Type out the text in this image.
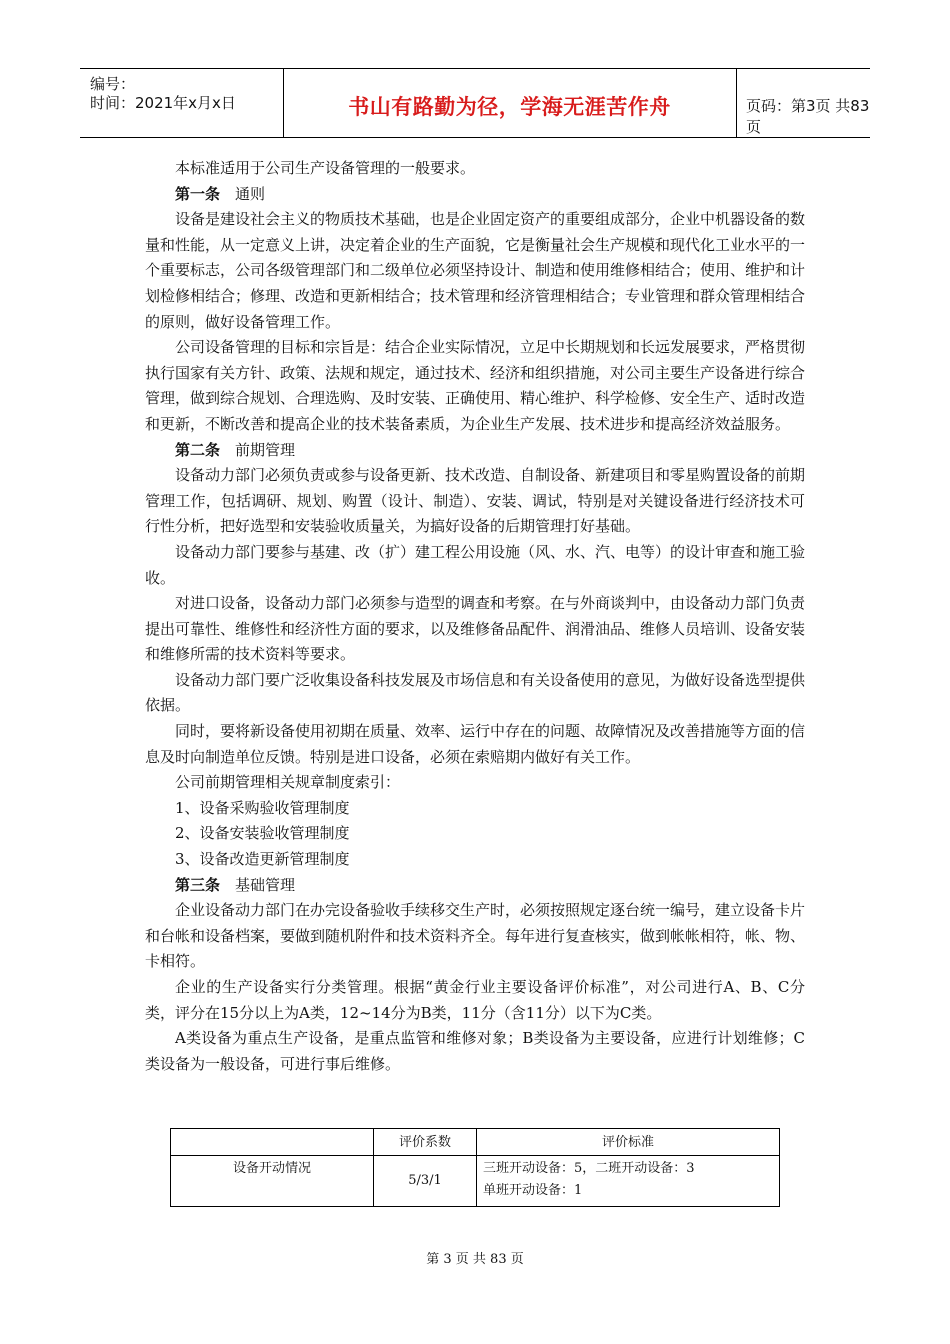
编号：
时间：2021年x月x日	书山有路勤为径，学海无涯苦作舟	页码：第3页 共83页

本标准适用于公司生产设备管理的一般要求。

第一条 通则

设备是建设社会主义的物质技术基础，也是企业固定资产的重要组成部分，企业中机器设备的数量和性能，从一定意义上讲，决定着企业的生产面貌，它是衡量社会生产规模和现代化工业水平的一个重要标志，公司各级管理部门和二级单位必须坚持设计、制造和使用维修相结合；使用、维护和计划检修相结合；修理、改造和更新相结合；技术管理和经济管理相结合；专业管理和群众管理相结合的原则，做好设备管理工作。

公司设备管理的目标和宗旨是：结合企业实际情况，立足中长期规划和长远发展要求，严格贯彻执行国家有关方针、政策、法规和规定，通过技术、经济和组织措施，对公司主要生产设备进行综合管理，做到综合规划、合理选购、及时安装、正确使用、精心维护、科学检修、安全生产、适时改造和更新，不断改善和提高企业的技术装备素质，为企业生产发展、技术进步和提高经济效益服务。

第二条 前期管理

设备动力部门必须负责或参与设备更新、技术改造、自制设备、新建项目和零星购置设备的前期管理工作，包括调研、规划、购置（设计、制造）、安装、调试，特别是对关键设备进行经济技术可行性分析，把好选型和安装验收质量关，为搞好设备的后期管理打好基础。

设备动力部门要参与基建、改（扩）建工程公用设施（风、水、汽、电等）的设计审查和施工验收。

对进口设备，设备动力部门必须参与造型的调查和考察。在与外商谈判中，由设备动力部门负责提出可靠性、维修性和经济性方面的要求，以及维修备品配件、润滑油品、维修人员培训、设备安装和维修所需的技术资料等要求。

设备动力部门要广泛收集设备科技发展及市场信息和有关设备使用的意见，为做好设备选型提供依据。

同时，要将新设备使用初期在质量、效率、运行中存在的问题、故障情况及改善措施等方面的信息及时向制造单位反馈。特别是进口设备，必须在索赔期内做好有关工作。

公司前期管理相关规章制度索引：

1、设备采购验收管理制度

2、设备安装验收管理制度

3、设备改造更新管理制度

第三条 基础管理

企业设备动力部门在办完设备验收手续移交生产时，必须按照规定逐台统一编号，建立设备卡片和台帐和设备档案，要做到随机附件和技术资料齐全。每年进行复查核实，做到帐帐相符，帐、物、卡相符。

企业的生产设备实行分类管理。根据“黄金行业主要设备评价标准”，对公司进行A、B、C分类，评分在15分以上为A类，12~14分为B类，11分（含11分）以下为C类。

A类设备为重点生产设备，是重点监管和维修对象；B类设备为主要设备，应进行计划维修；C类设备为一般设备，可进行事后维修。

	评价系数	评价标准
设备开动情况	5/3/1	三班开动设备：5，二班开动设备：3
单班开动设备：1
第 3 页 共 83 页
